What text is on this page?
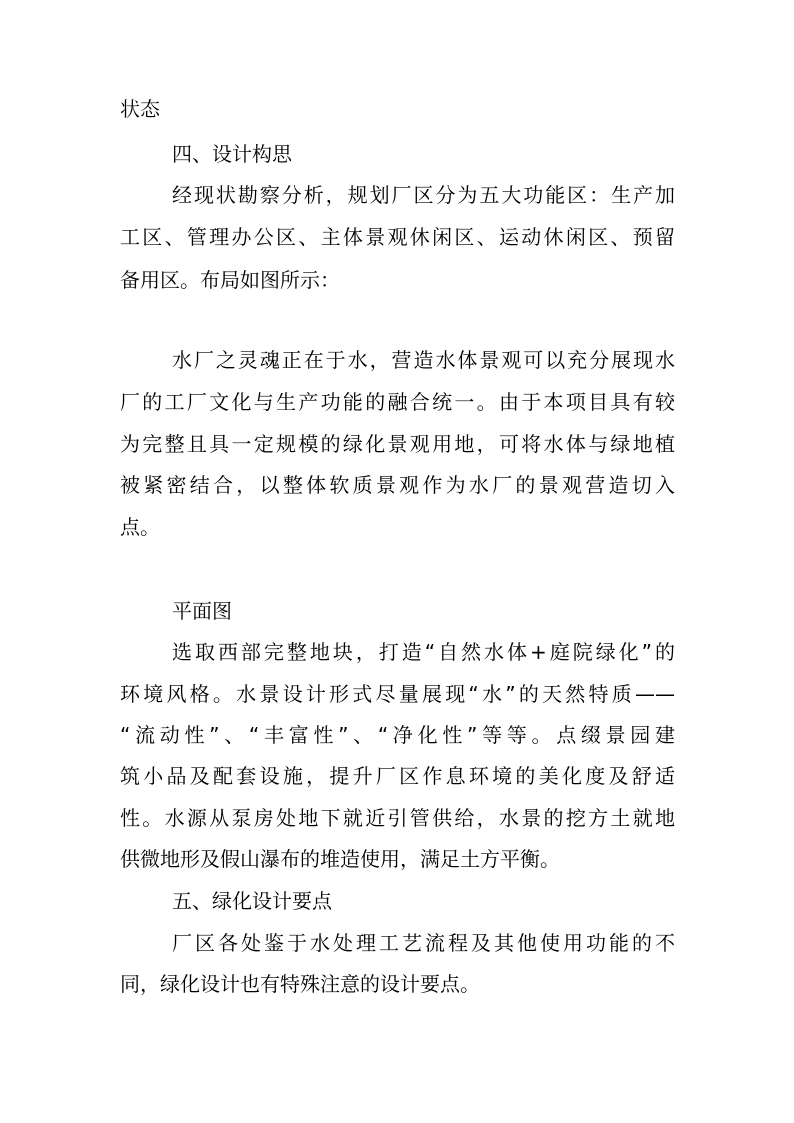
状态

四、设计构思

经现状勘察分析，规划厂区分为五大功能区：生产加

工区、管理办公区、主体景观休闲区、运动休闲区、预留

备用区。布局如图所示：

水厂之灵魂正在于水，营造水体景观可以充分展现水

厂的工厂文化与生产功能的融合统一。由于本项目具有较

为完整且具一定规模的绿化景观用地，可将水体与绿地植

被紧密结合，以整体软质景观作为水厂的景观营造切入

点。

平面图

选取西部完整地块，打造“自然水体+庭院绿化”的

环境风格。水景设计形式尽量展现“水”的天然特质——

“流动性”、“丰富性”、“净化性”等等。点缀景园建

筑小品及配套设施，提升厂区作息环境的美化度及舒适

性。水源从泵房处地下就近引管供给，水景的挖方土就地

供微地形及假山瀑布的堆造使用，满足土方平衡。

五、绿化设计要点

厂区各处鉴于水处理工艺流程及其他使用功能的不

同，绿化设计也有特殊注意的设计要点。
